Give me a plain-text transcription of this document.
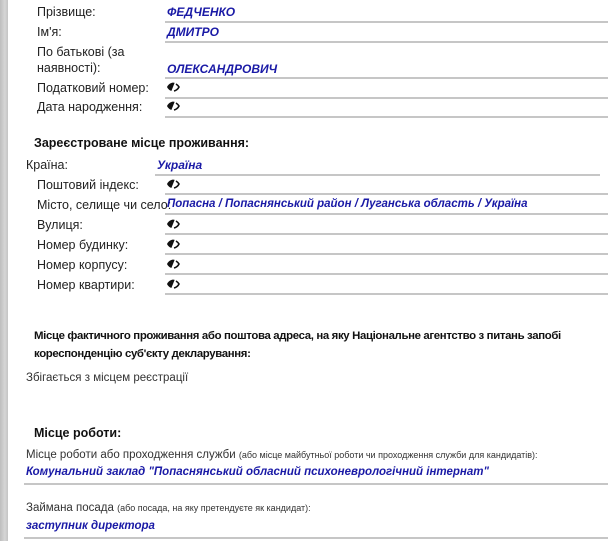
Прізвище:	ФЕДЧЕНКО
Ім'я:	ДМИТРО
По батькові (за
наявності):	ОЛЕКСАНДРОВИЧ
Податковий номер:
Дата народження:
Зареєстроване місце проживання:
Країна:	Україна
Поштовий індекс:
Місто, селище чи село:
Попасна / Попаснянський район / Луганська область / Україна
Вулиця:
Номер будинку:
Номер корпусу:
Номер квартири:
Місце фактичного проживання або поштова адреса, на яку Національне агентство з питань запобі
кореспонденцію суб'єкту декларування:
Збігається з місцем реєстрації
Місце роботи:
Місце роботи або проходження служби (або місце майбутньої роботи чи проходження служби для кандидатів):
Комунальний заклад "Попаснянський обласний психоневрологічний інтернат"
Займана посада (або посада, на яку претендуєте як кандидат):
заступник директора
